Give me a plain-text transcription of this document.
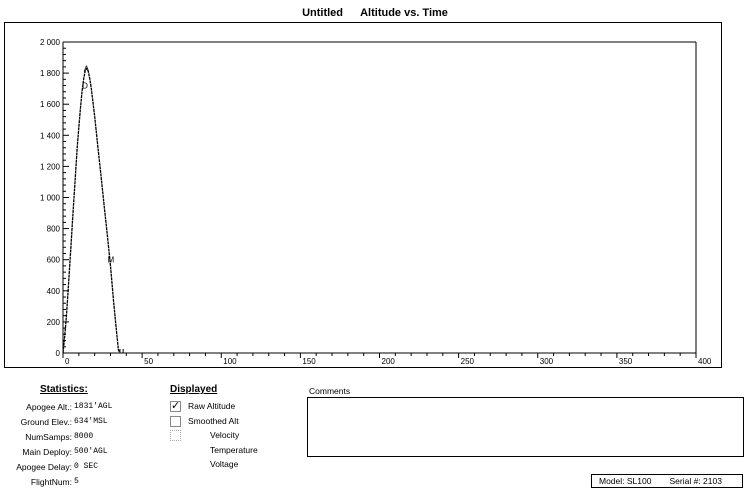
Untitled Altitude vs. Time
0	50	100	150	200	250	300	350	400
0
200
400
600
800
1 000
1 200
1 400
1 600
1 800
2 000
A
D
M
Statistics:
Apogee Alt.: 1831'AGL
Ground Elev.: 634'MSL
NumSamps: 8000
Main Deploy: 500'AGL
Apogee Delay: 0 SEC
FlightNum: 5
Displayed
✓ Raw Altitude
Smoothed Alt
Velocity
Temperature
Voltage
Comments
Model: SL100 Serial #: 2103
